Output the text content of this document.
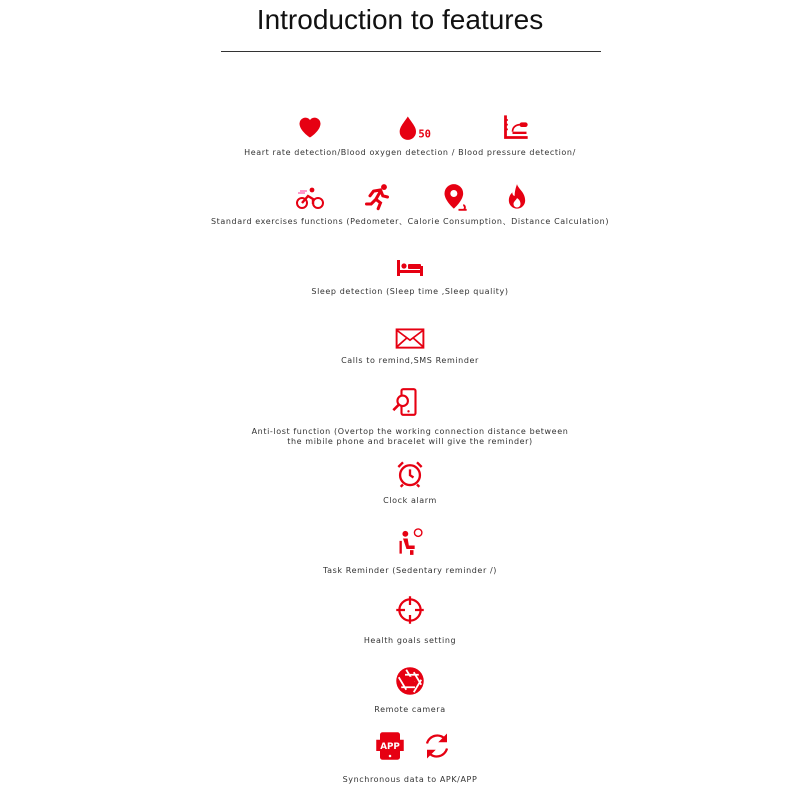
Introduction to features
50
Heart rate detection/Blood oxygen detection / Blood pressure detection/
Standard exercises functions (Pedometer、Calorie Consumption、Distance Calculation)
Sleep detection (Sleep time ,Sleep quality)
Calls to remind,SMS Reminder
Anti-lost function (Overtop the working connection distance between
the mibile phone and bracelet will give the reminder)
Clock alarm
Task Reminder (Sedentary reminder /)
Health goals setting
Remote camera
APP
Synchronous data to APK/APP
